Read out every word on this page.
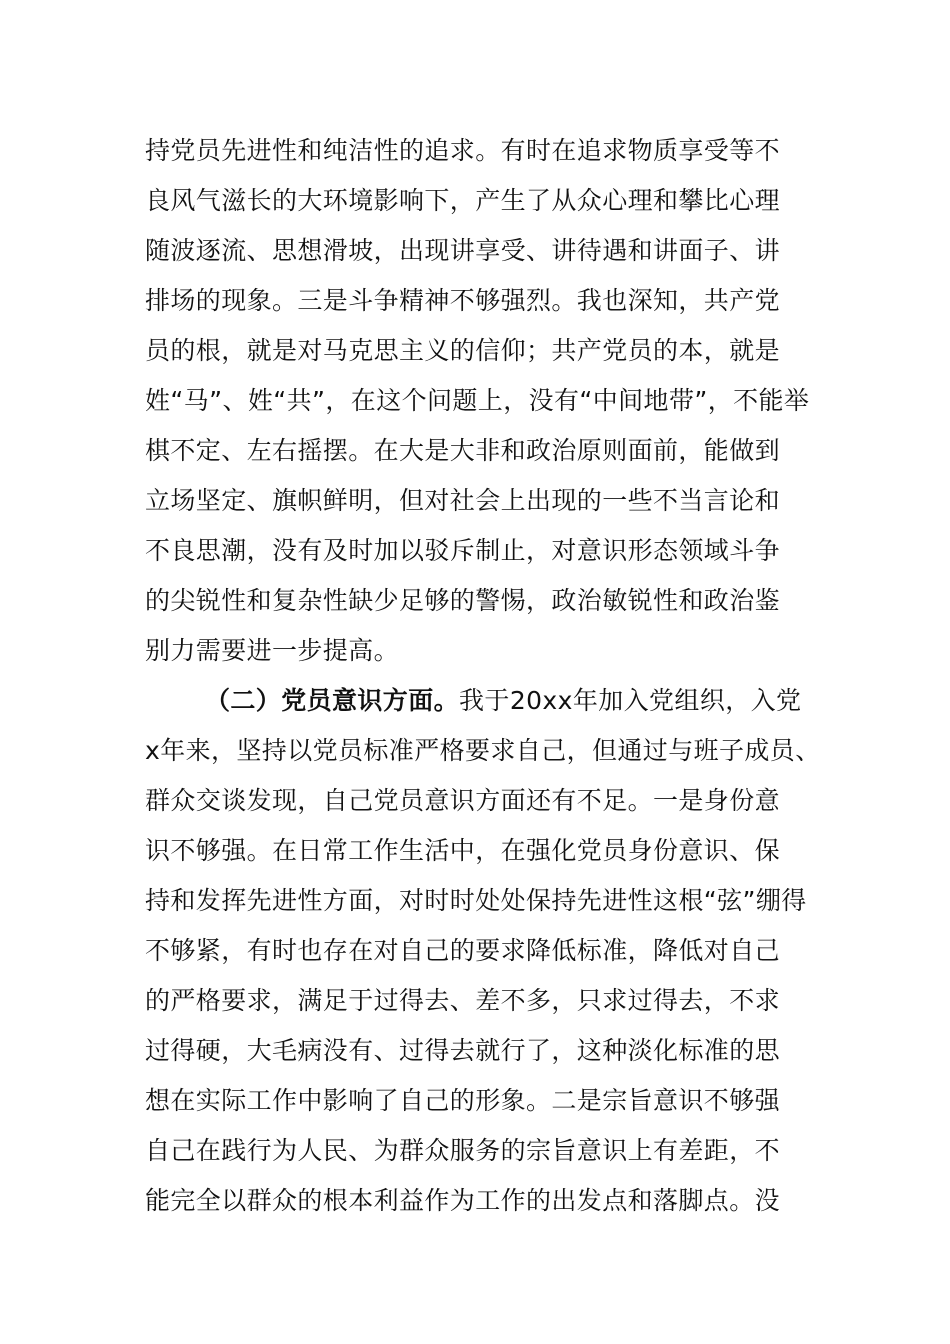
持党员先进性和纯洁性的追求。有时在追求物质享受等不
良风气滋长的大环境影响下，产生了从众心理和攀比心理
随波逐流、思想滑坡，出现讲享受、讲待遇和讲面子、讲
排场的现象。三是斗争精神不够强烈。我也深知，共产党
员的根，就是对马克思主义的信仰；共产党员的本，就是
姓“马”、姓“共”，在这个问题上，没有“中间地带”，不能举
棋不定、左右摇摆。在大是大非和政治原则面前，能做到
立场坚定、旗帜鲜明，但对社会上出现的一些不当言论和
不良思潮，没有及时加以驳斥制止，对意识形态领域斗争
的尖锐性和复杂性缺少足够的警惕，政治敏锐性和政治鉴
别力需要进一步提高。
（二）党员意识方面。我于20xx年加入党组织，入党
x年来，坚持以党员标准严格要求自己，但通过与班子成员、
群众交谈发现，自己党员意识方面还有不足。一是身份意
识不够强。在日常工作生活中，在强化党员身份意识、保
持和发挥先进性方面，对时时处处保持先进性这根“弦”绷得
不够紧，有时也存在对自己的要求降低标准，降低对自己
的严格要求，满足于过得去、差不多，只求过得去，不求
过得硬，大毛病没有、过得去就行了，这种淡化标准的思
想在实际工作中影响了自己的形象。二是宗旨意识不够强
自己在践行为人民、为群众服务的宗旨意识上有差距，不
能完全以群众的根本利益作为工作的出发点和落脚点。没
